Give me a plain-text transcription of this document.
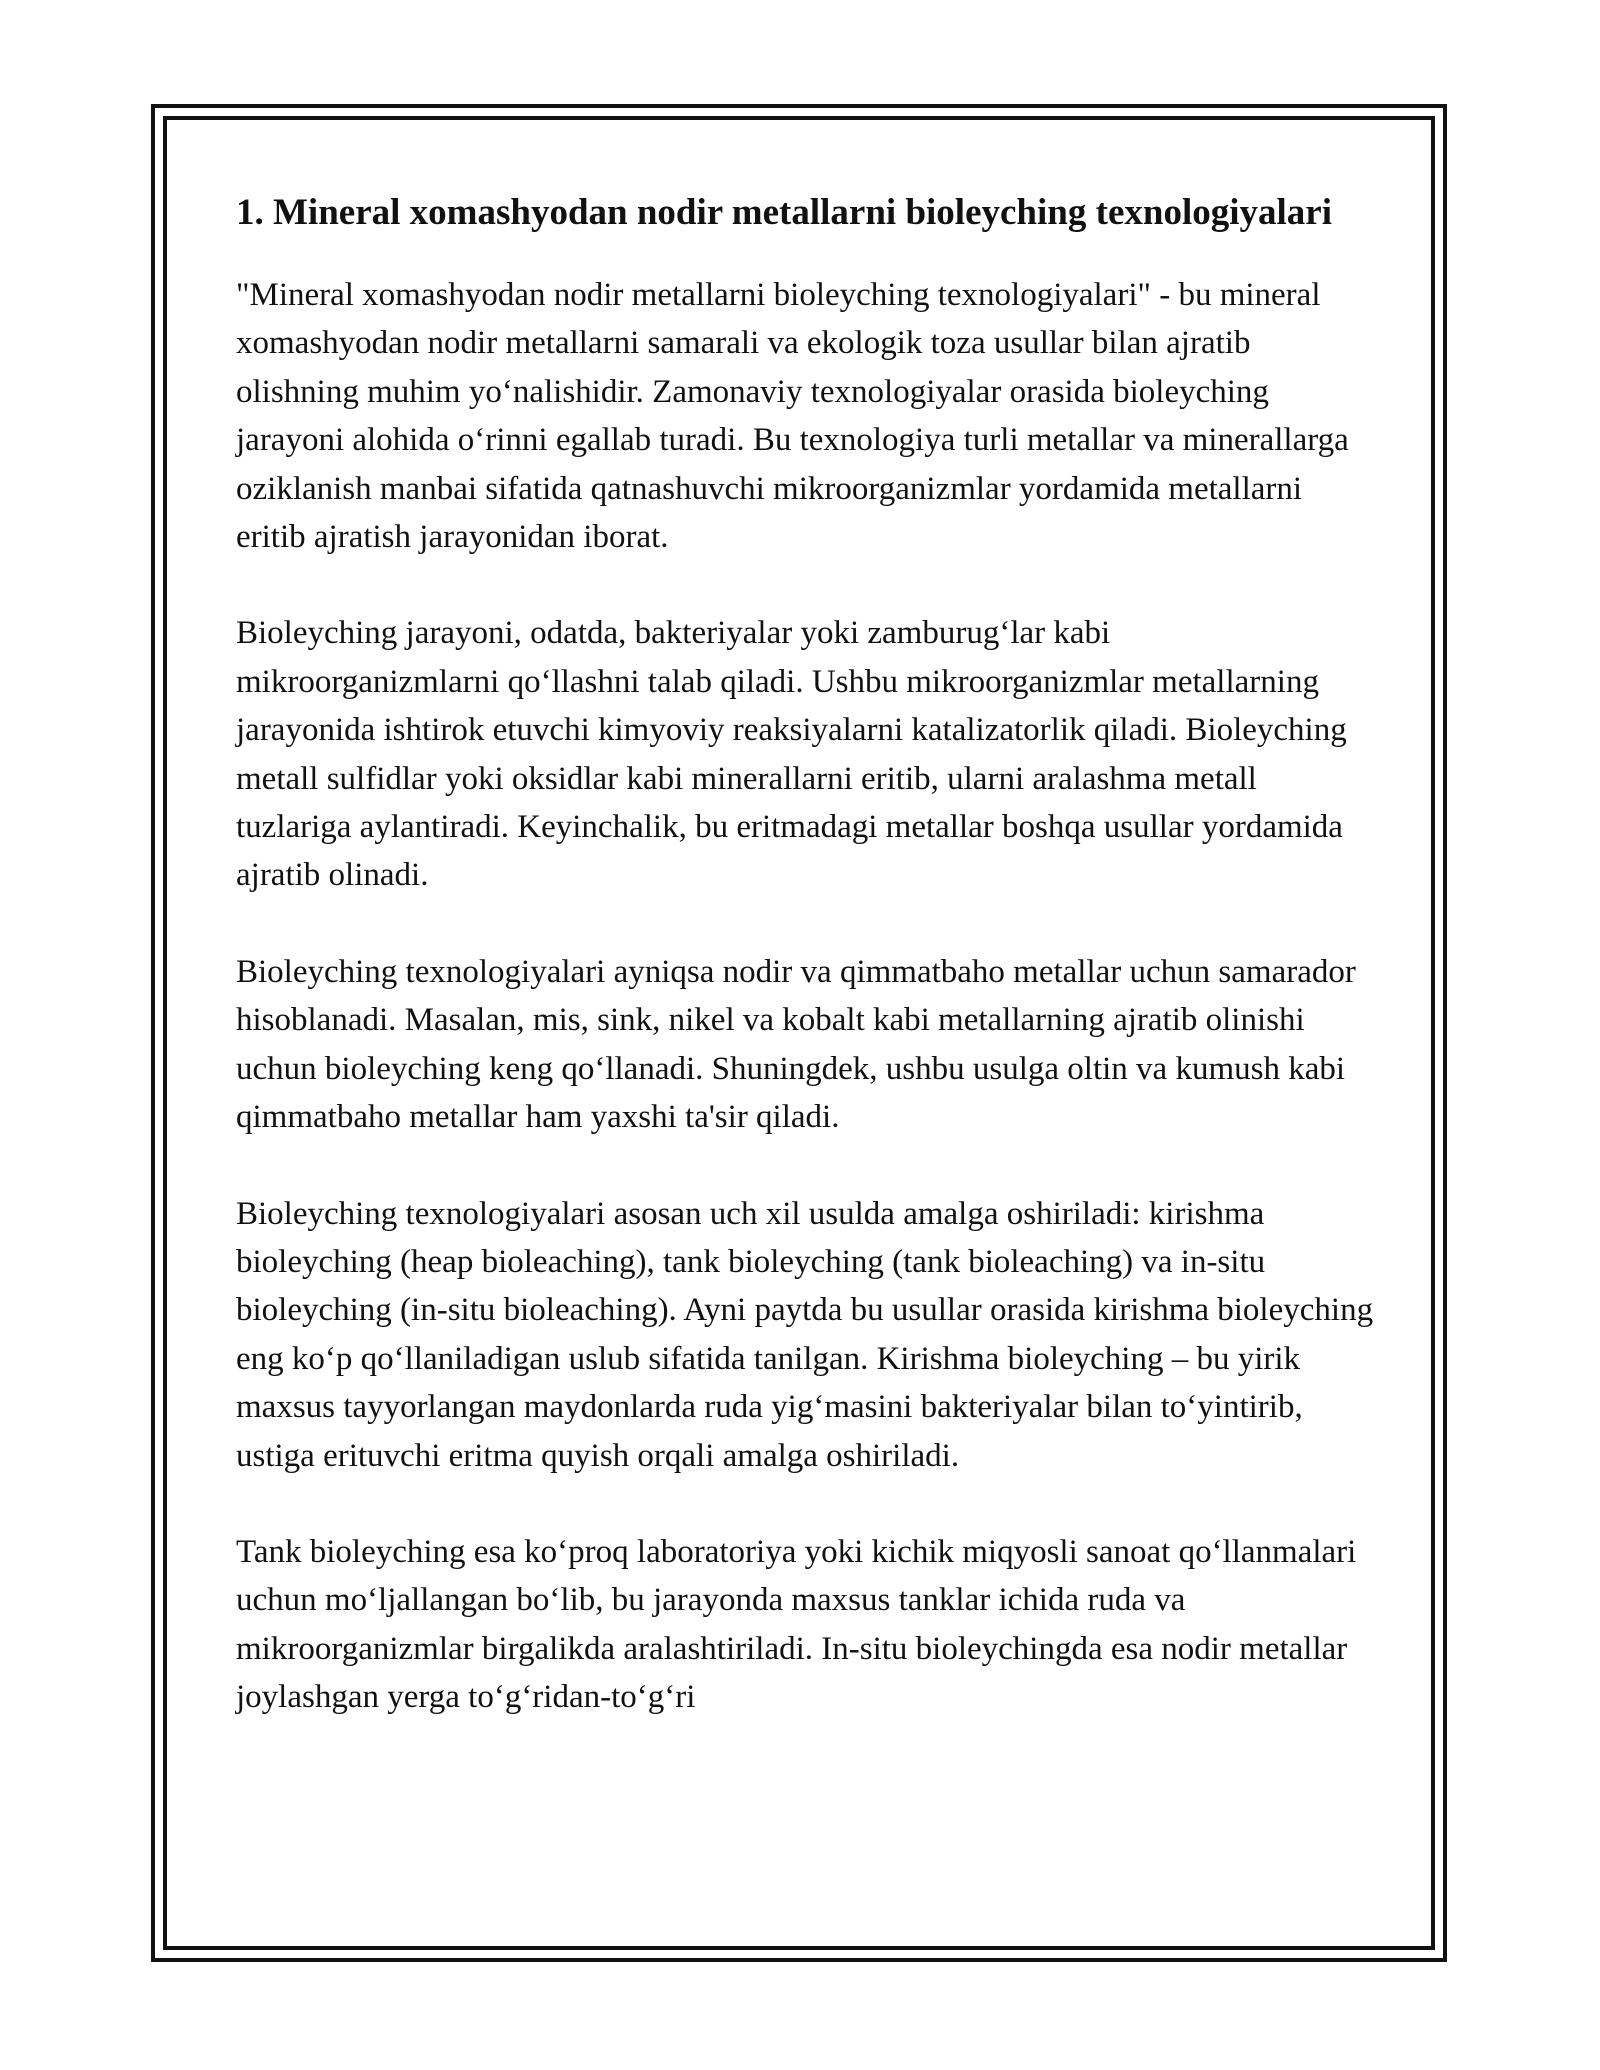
1. Mineral xomashyodan nodir metallarni bioleyching texnologiyalari

"Mineral xomashyodan nodir metallarni bioleyching texnologiyalari" - bu mineral xomashyodan nodir metallarni samarali va ekologik toza usullar bilan ajratib olishning muhim yoʻnalishidir. Zamonaviy texnologiyalar orasida bioleyching jarayoni alohida oʻrinni egallab turadi. Bu texnologiya turli metallar va minerallarga oziklanish manbai sifatida qatnashuvchi mikroorganizmlar yordamida metallarni eritib ajratish jarayonidan iborat.

Bioleyching jarayoni, odatda, bakteriyalar yoki zamburugʻlar kabi mikroorganizmlarni qoʻllashni talab qiladi. Ushbu mikroorganizmlar metallarning jarayonida ishtirok etuvchi kimyoviy reaksiyalarni katalizatorlik qiladi. Bioleyching metall sulfidlar yoki oksidlar kabi minerallarni eritib, ularni aralashma metall tuzlariga aylantiradi. Keyinchalik, bu eritmadagi metallar boshqa usullar yordamida ajratib olinadi.

Bioleyching texnologiyalari ayniqsa nodir va qimmatbaho metallar uchun samarador hisoblanadi. Masalan, mis, sink, nikel va kobalt kabi metallarning ajratib olinishi uchun bioleyching keng qoʻllanadi. Shuningdek, ushbu usulga oltin va kumush kabi qimmatbaho metallar ham yaxshi ta'sir qiladi.

Bioleyching texnologiyalari asosan uch xil usulda amalga oshiriladi: kirishma bioleyching (heap bioleaching), tank bioleyching (tank bioleaching) va in-situ bioleyching (in-situ bioleaching). Ayni paytda bu usullar orasida kirishma bioleyching eng koʻp qoʻllaniladigan uslub sifatida tanilgan. Kirishma bioleyching – bu yirik maxsus tayyorlangan maydonlarda ruda yigʻmasini bakteriyalar bilan toʻyintirib, ustiga erituvchi eritma quyish orqali amalga oshiriladi.

Tank bioleyching esa koʻproq laboratoriya yoki kichik miqyosli sanoat qoʻllanmalari uchun moʻljallangan boʻlib, bu jarayonda maxsus tanklar ichida ruda va mikroorganizmlar birgalikda aralashtiriladi. In-situ bioleychingda esa nodir metallar joylashgan yerga toʻgʻridan-toʻgʻri
